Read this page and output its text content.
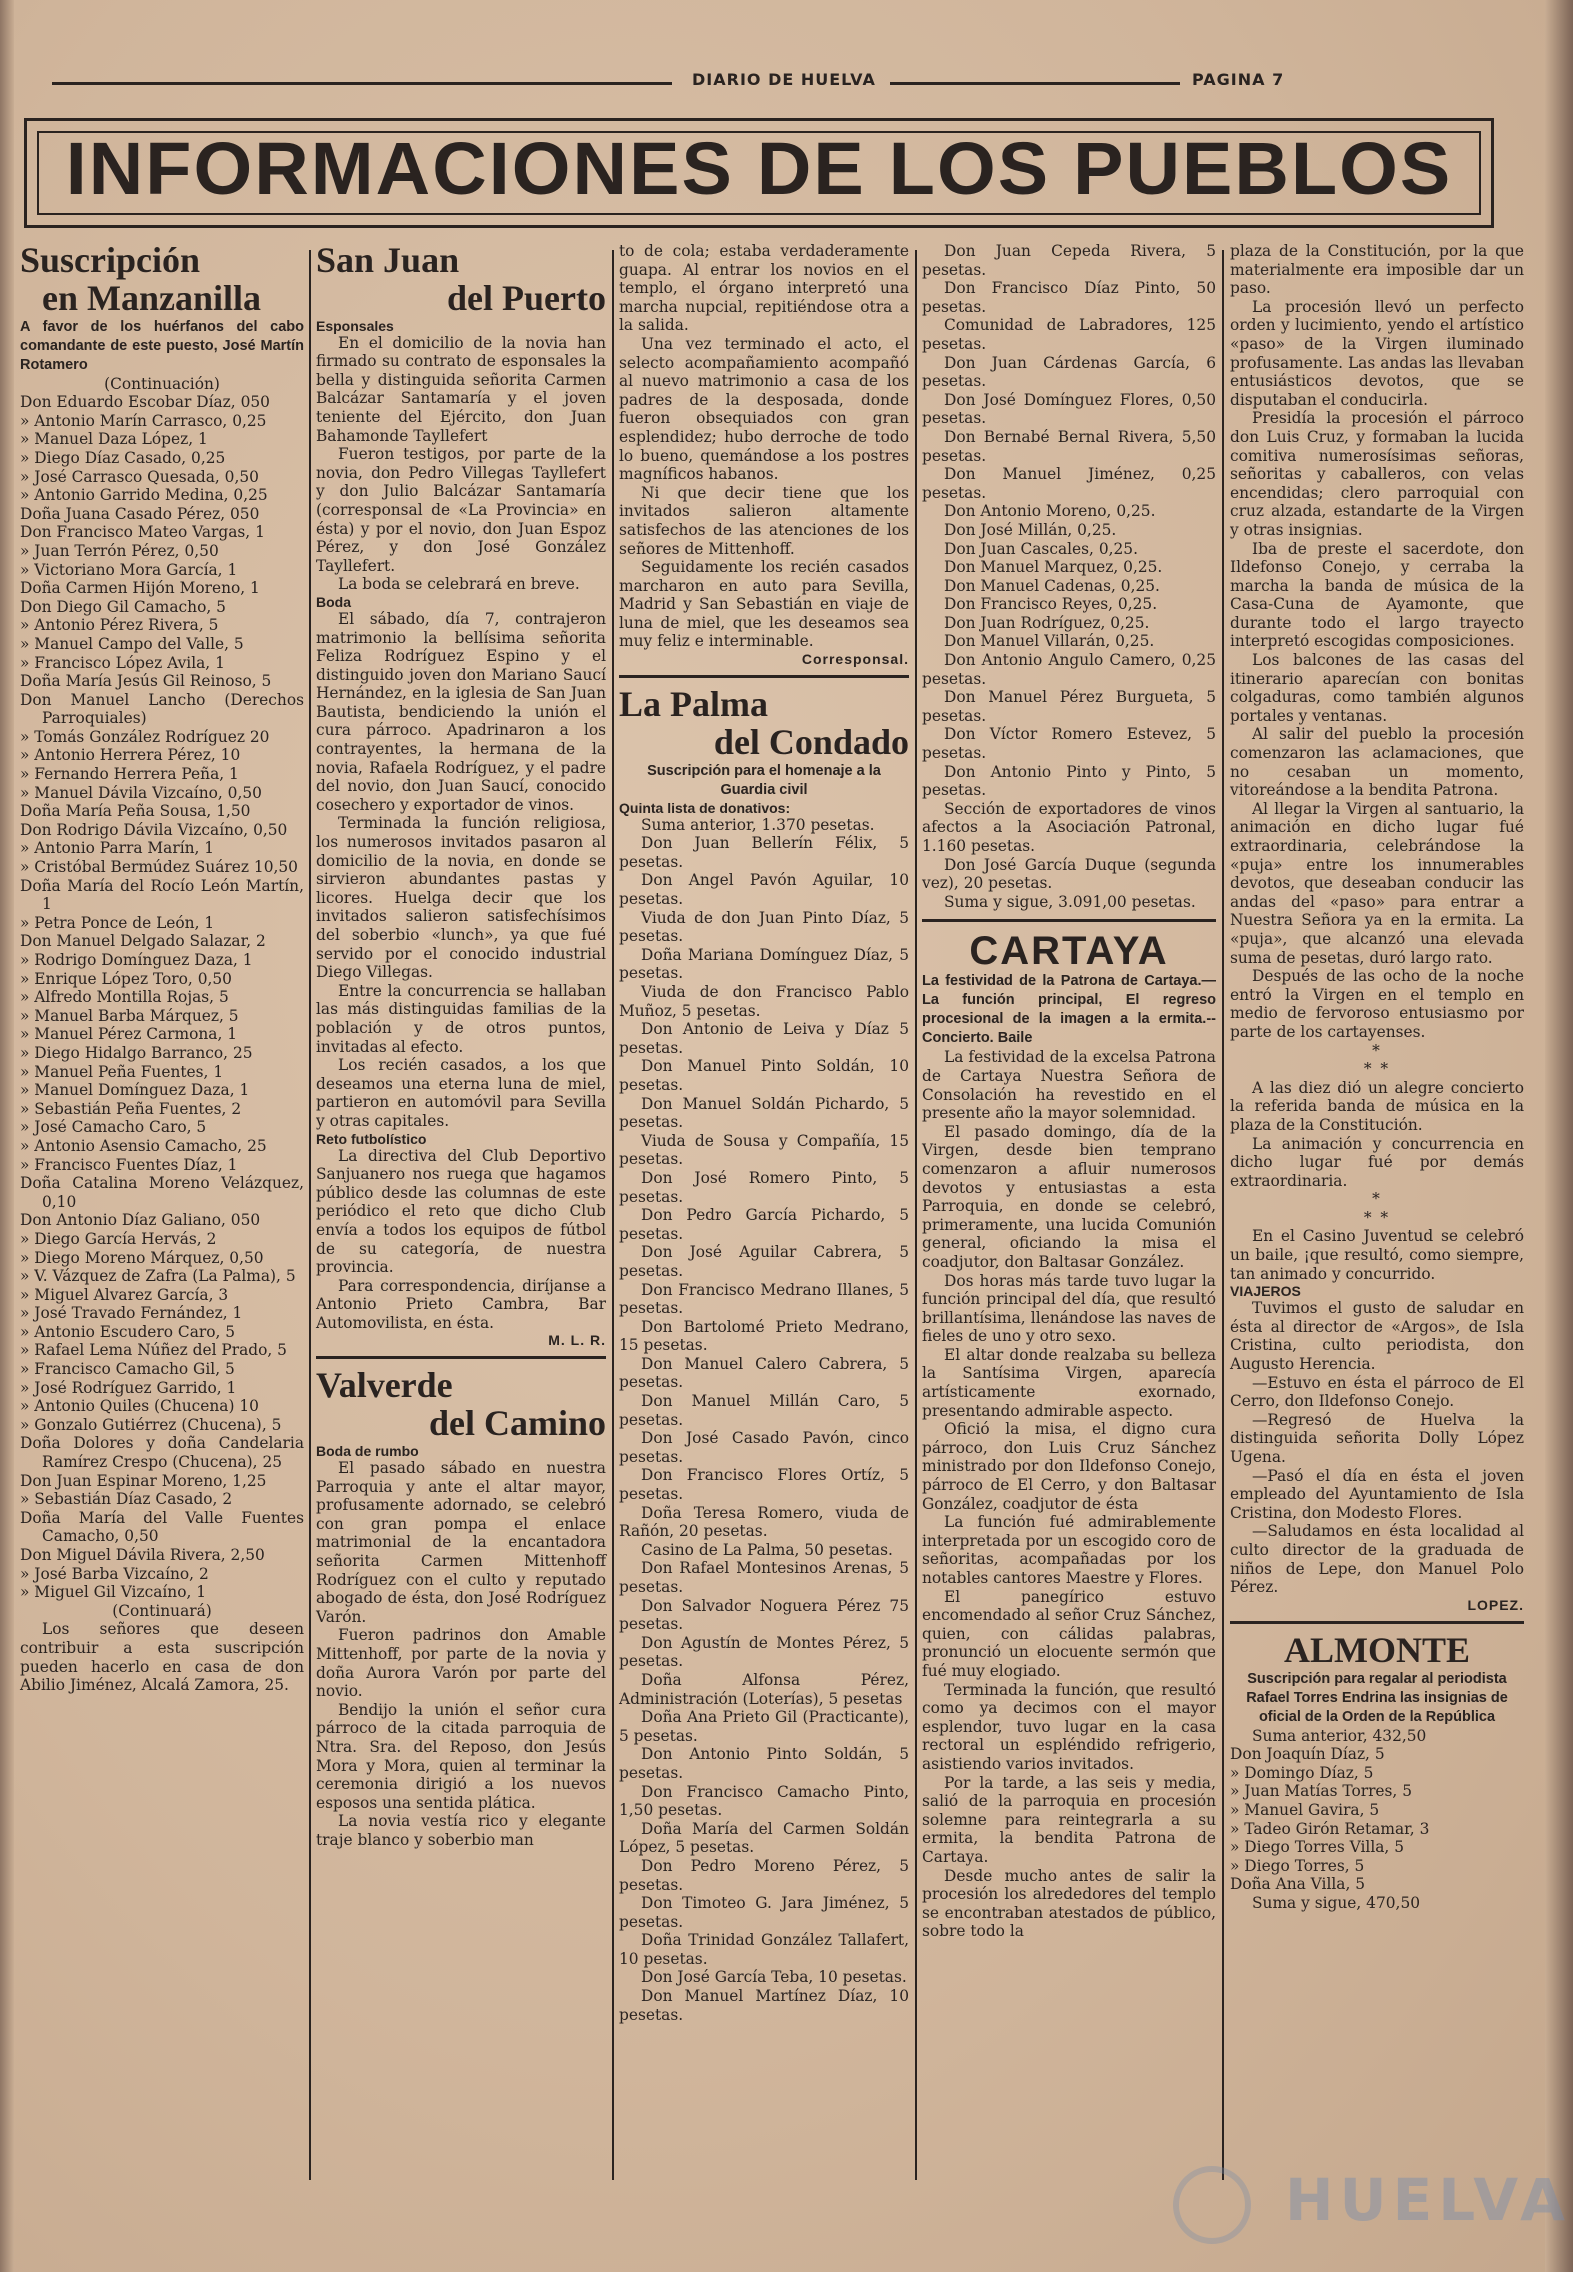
DIARIO DE HUELVA	PAGINA 7
INFORMACIONES DE LOS PUEBLOS
Suscripción
en Manzanilla

A favor de los huérfanos del cabo comandante de este puesto, José Martín Rotamero

(Continuación)

Don Eduardo Escobar Díaz, 050

» Antonio Marín Carrasco, 0,25

» Manuel Daza López, 1

» Diego Díaz Casado, 0,25

» José Carrasco Quesada, 0,50

» Antonio Garrido Medina, 0,25

Doña Juana Casado Pérez, 050

Don Francisco Mateo Vargas, 1

» Juan Terrón Pérez, 0,50

» Victoriano Mora García, 1

Doña Carmen Hijón Moreno, 1

Don Diego Gil Camacho, 5

» Antonio Pérez Rivera, 5

» Manuel Campo del Valle, 5

» Francisco López Avila, 1

Doña María Jesús Gil Reinoso, 5

Don Manuel Lancho (Derechos Parroquiales)

» Tomás González Rodríguez 20

» Antonio Herrera Pérez, 10

» Fernando Herrera Peña, 1

» Manuel Dávila Vizcaíno, 0,50

Doña María Peña Sousa, 1,50

Don Rodrigo Dávila Vizcaíno, 0,50

» Antonio Parra Marín, 1

» Cristóbal Bermúdez Suárez 10,50

Doña María del Rocío León Martín, 1

» Petra Ponce de León, 1

Don Manuel Delgado Salazar, 2

» Rodrigo Domínguez Daza, 1

» Enrique López Toro, 0,50

» Alfredo Montilla Rojas, 5

» Manuel Barba Márquez, 5

» Manuel Pérez Carmona, 1

» Diego Hidalgo Barranco, 25

» Manuel Peña Fuentes, 1

» Manuel Domínguez Daza, 1

» Sebastián Peña Fuentes, 2

» José Camacho Caro, 5

» Antonio Asensio Camacho, 25

» Francisco Fuentes Díaz, 1

Doña Catalina Moreno Velázquez, 0,10

Don Antonio Díaz Galiano, 050

» Diego García Hervás, 2

» Diego Moreno Márquez, 0,50

» V. Vázquez de Zafra (La Palma), 5

» Miguel Alvarez García, 3

» José Travado Fernández, 1

» Antonio Escudero Caro, 5

» Rafael Lema Núñez del Prado, 5

» Francisco Camacho Gil, 5

» José Rodríguez Garrido, 1

» Antonio Quiles (Chucena) 10

» Gonzalo Gutiérrez (Chucena), 5

Doña Dolores y doña Candelaria Ramírez Crespo (Chucena), 25

Don Juan Espinar Moreno, 1,25

» Sebastián Díaz Casado, 2

Doña María del Valle Fuentes Camacho, 0,50

Don Miguel Dávila Rivera, 2,50

» José Barba Vizcaíno, 2

» Miguel Gil Vizcaíno, 1

(Continuará)

Los señores que deseen contribuir a esta suscripción pueden hacerlo en casa de don Abilio Jiménez, Alcalá Zamora, 25.

San Juan
del Puerto

Esponsales

En el domicilio de la novia han firmado su contrato de esponsales la bella y distinguida señorita Carmen Balcázar Santamaría y el joven teniente del Ejército, don Juan Bahamonde Tayllefert

Fueron testigos, por parte de la novia, don Pedro Villegas Tayllefert y don Julio Balcázar Santamaría (corresponsal de «La Provincia» en ésta) y por el novio, don Juan Espoz Pérez, y don José González Tayllefert.

La boda se celebrará en breve.

Boda

El sábado, día 7, contrajeron matrimonio la bellísima señorita Feliza Rodríguez Espino y el distinguido joven don Mariano Saucí Hernández, en la iglesia de San Juan Bautista, bendiciendo la unión el cura párroco. Apadrinaron a los contrayentes, la hermana de la novia, Rafaela Rodríguez, y el padre del novio, don Juan Saucí, conocido cosechero y exportador de vinos.

Terminada la función religiosa, los numerosos invitados pasaron al domicilio de la novia, en donde se sirvieron abundantes pastas y licores. Huelga decir que los invitados salieron satisfechísimos del soberbio «lunch», ya que fué servido por el conocido industrial Diego Villegas.

Entre la concurrencia se hallaban las más distinguidas familias de la población y de otros puntos, invitadas al efecto.

Los recién casados, a los que deseamos una eterna luna de miel, partieron en automóvil para Sevilla y otras capitales.

Reto futbolístico

La directiva del Club Deportivo Sanjuanero nos ruega que hagamos público desde las columnas de este periódico el reto que dicho Club envía a todos los equipos de fútbol de su categoría, de nuestra provincia.

Para correspondencia, diríjanse a Antonio Prieto Cambra, Bar Automovilista, en ésta.

M. L. R.

Valverde
del Camino

Boda de rumbo

El pasado sábado en nuestra Parroquia y ante el altar mayor, profusamente adornado, se celebró con gran pompa el enlace matrimonial de la encantadora señorita Carmen Mittenhoff Rodríguez con el culto y reputado abogado de ésta, don José Rodríguez Varón.

Fueron padrinos don Amable Mittenhoff, por parte de la novia y doña Aurora Varón por parte del novio.

Bendijo la unión el señor cura párroco de la citada parroquia de Ntra. Sra. del Reposo, don Jesús Mora y Mora, quien al terminar la ceremonia dirigió a los nuevos esposos una sentida plática.

La novia vestía rico y elegante traje blanco y soberbio man

to de cola; estaba verdaderamente guapa. Al entrar los novios en el templo, el órgano interpretó una marcha nupcial, repitiéndose otra a la salida.

Una vez terminado el acto, el selecto acompañamiento acompañó al nuevo matrimonio a casa de los padres de la desposada, donde fueron obsequiados con gran esplendidez; hubo derroche de todo lo bueno, quemándose a los postres magníficos habanos.

Ni que decir tiene que los invitados salieron altamente satisfechos de las atenciones de los señores de Mittenhoff.

Seguidamente los recién casados marcharon en auto para Sevilla, Madrid y San Sebastián en viaje de luna de miel, que les deseamos sea muy feliz e interminable.

Corresponsal.

La Palma
del Condado

Suscripción para el homenaje a la Guardia civil

Quinta lista de donativos:

Suma anterior, 1.370 pesetas.

Don Juan Bellerín Félix, 5 pesetas.

Don Angel Pavón Aguilar, 10 pesetas.

Viuda de don Juan Pinto Díaz, 5 pesetas.

Doña Mariana Domínguez Díaz, 5 pesetas.

Viuda de don Francisco Pablo Muñoz, 5 pesetas.

Don Antonio de Leiva y Díaz 5 pesetas.

Don Manuel Pinto Soldán, 10 pesetas.

Don Manuel Soldán Pichardo, 5 pesetas.

Viuda de Sousa y Compañía, 15 pesetas.

Don José Romero Pinto, 5 pesetas.

Don Pedro García Pichardo, 5 pesetas.

Don José Aguilar Cabrera, 5 pesetas.

Don Francisco Medrano Illanes, 5 pesetas.

Don Bartolomé Prieto Medrano, 15 pesetas.

Don Manuel Calero Cabrera, 5 pesetas.

Don Manuel Millán Caro, 5 pesetas.

Don José Casado Pavón, cinco pesetas.

Don Francisco Flores Ortíz, 5 pesetas.

Doña Teresa Romero, viuda de Rañón, 20 pesetas.

Casino de La Palma, 50 pesetas.

Don Rafael Montesinos Arenas, 5 pesetas.

Don Salvador Noguera Pérez 75 pesetas.

Don Agustín de Montes Pérez, 5 pesetas.

Doña Alfonsa Pérez, Administración (Loterías), 5 pesetas

Doña Ana Prieto Gil (Practicante), 5 pesetas.

Don Antonio Pinto Soldán, 5 pesetas.

Don Francisco Camacho Pinto, 1,50 pesetas.

Doña María del Carmen Soldán López, 5 pesetas.

Don Pedro Moreno Pérez, 5 pesetas.

Don Timoteo G. Jara Jiménez, 5 pesetas.

Doña Trinidad González Tallafert, 10 pesetas.

Don José García Teba, 10 pesetas.

Don Manuel Martínez Díaz, 10 pesetas.

Don Juan Cepeda Rivera, 5 pesetas.

Don Francisco Díaz Pinto, 50 pesetas.

Comunidad de Labradores, 125 pesetas.

Don Juan Cárdenas García, 6 pesetas.

Don José Domínguez Flores, 0,50 pesetas.

Don Bernabé Bernal Rivera, 5,50 pesetas.

Don Manuel Jiménez, 0,25 pesetas.

Don Antonio Moreno, 0,25.

Don José Millán, 0,25.

Don Juan Cascales, 0,25.

Don Manuel Marquez, 0,25.

Don Manuel Cadenas, 0,25.

Don Francisco Reyes, 0,25.

Don Juan Rodríguez, 0,25.

Don Manuel Villarán, 0,25.

Don Antonio Angulo Camero, 0,25 pesetas.

Don Manuel Pérez Burgueta, 5 pesetas.

Don Víctor Romero Estevez, 5 pesetas.

Don Antonio Pinto y Pinto, 5 pesetas.

Sección de exportadores de vinos afectos a la Asociación Patronal, 1.160 pesetas.

Don José García Duque (segunda vez), 20 pesetas.

Suma y sigue, 3.091,00 pesetas.

CARTAYA

La festividad de la Patrona de Cartaya.—La función principal, El regreso procesional de la imagen a la ermita.--Concierto. Baile

La festividad de la excelsa Patrona de Cartaya Nuestra Señora de Consolación ha revestido en el presente año la mayor solemnidad.

El pasado domingo, día de la Virgen, desde bien temprano comenzaron a afluir numerosos devotos y entusiastas a esta Parroquia, en donde se celebró, primeramente, una lucida Comunión general, oficiando la misa el coadjutor, don Baltasar González.

Dos horas más tarde tuvo lugar la función principal del día, que resultó brillantísima, llenándose las naves de fieles de uno y otro sexo.

El altar donde realzaba su belleza la Santísima Virgen, aparecía artísticamente exornado, presentando admirable aspecto.

Ofició la misa, el digno cura párroco, don Luis Cruz Sánchez ministrado por don Ildefonso Conejo, párroco de El Cerro, y don Baltasar González, coadjutor de ésta

La función fué admirablemente interpretada por un escogido coro de señoritas, acompañadas por los notables cantores Maestre y Flores.

El panegírico estuvo encomendado al señor Cruz Sánchez, quien, con cálidas palabras, pronunció un elocuente sermón que fué muy elogiado.

Terminada la función, que resultó como ya decimos con el mayor esplendor, tuvo lugar en la casa rectoral un espléndido refrigerio, asistiendo varios invitados.

Por la tarde, a las seis y media, salió de la parroquia en procesión solemne para reintegrarla a su ermita, la bendita Patrona de Cartaya.

Desde mucho antes de salir la procesión los alrededores del templo se encontraban atestados de público, sobre todo la

plaza de la Constitución, por la que materialmente era imposible dar un paso.

La procesión llevó un perfecto orden y lucimiento, yendo el artístico «paso» de la Virgen iluminado profusamente. Las andas las llevaban entusiásticos devotos, que se disputaban el conducirla.

Presidía la procesión el párroco don Luis Cruz, y formaban la lucida comitiva numerosísimas señoras, señoritas y caballeros, con velas encendidas; clero parroquial con cruz alzada, estandarte de la Virgen y otras insignias.

Iba de preste el sacerdote, don Ildefonso Conejo, y cerraba la marcha la banda de música de la Casa-Cuna de Ayamonte, que durante todo el largo trayecto interpretó escogidas composiciones.

Los balcones de las casas del itinerario aparecían con bonitas colgaduras, como también algunos portales y ventanas.

Al salir del pueblo la procesión comenzaron las aclamaciones, que no cesaban un momento, vitoreándose a la bendita Patrona.

Al llegar la Virgen al santuario, la animación en dicho lugar fué extraordinaria, celebrándose la «puja» entre los innumerables devotos, que deseaban conducir las andas del «paso» para entrar a Nuestra Señora ya en la ermita. La «puja», que alcanzó una elevada suma de pesetas, duró largo rato.

Después de las ocho de la noche entró la Virgen en el templo en medio de fervoroso entusiasmo por parte de los cartayenses.

*
* *

A las diez dió un alegre concierto la referida banda de música en la plaza de la Constitución.

La animación y concurrencia en dicho lugar fué por demás extraordinaria.

*
* *

En el Casino Juventud se celebró un baile, ¡que resultó, como siempre, tan animado y concurrido.

VIAJEROS

Tuvimos el gusto de saludar en ésta al director de «Argos», de Isla Cristina, culto periodista, don Augusto Herencia.

—Estuvo en ésta el párroco de El Cerro, don Ildefonso Conejo.

—Regresó de Huelva la distinguida señorita Dolly López Ugena.

—Pasó el día en ésta el joven empleado del Ayuntamiento de Isla Cristina, don Modesto Flores.

—Saludamos en ésta localidad al culto director de la graduada de niños de Lepe, don Manuel Polo Pérez.

LOPEZ.

ALMONTE

Suscripción para regalar al periodista Rafael Torres Endrina las insignias de oficial de la Orden de la República

Suma anterior, 432,50

Don Joaquín Díaz, 5

» Domingo Díaz, 5

» Juan Matías Torres, 5

» Manuel Gavira, 5

» Tadeo Girón Retamar, 3

» Diego Torres Villa, 5

» Diego Torres, 5

Doña Ana Villa, 5

Suma y sigue, 470,50

HUELVA
